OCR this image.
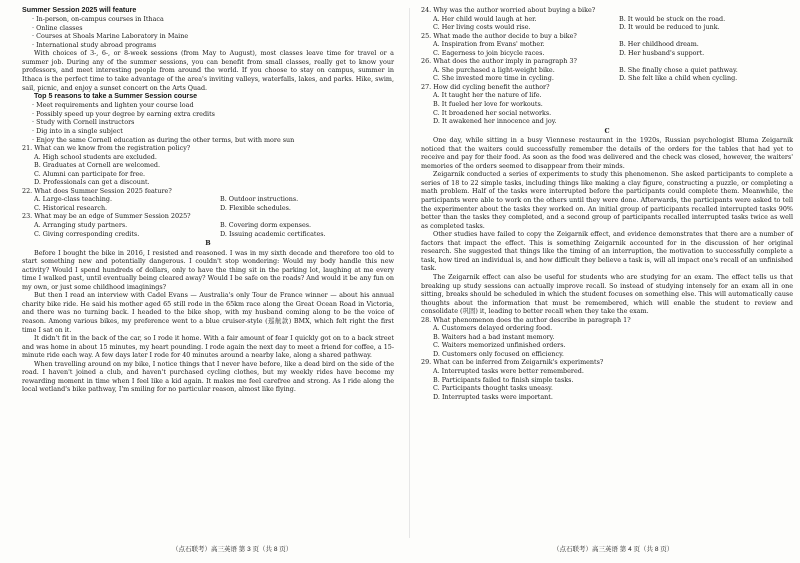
Summer Session 2025 will feature
· In-person, on-campus courses in Ithaca
· Online classes
· Courses at Shoals Marine Laboratory in Maine
· International study abroad programs

With choices of 3-, 6-, or 8-week sessions (from May to August), most classes leave time for travel or a summer job. During any of the summer sessions, you can benefit from small classes, really get to know your professors, and meet interesting people from around the world. If you choose to stay on campus, summer in Ithaca is the perfect time to take advantage of the area's inviting valleys, waterfalls, lakes, and parks. Hike, swim, sail, picnic, and enjoy a sunset concert on the Arts Quad.

Top 5 reasons to take a Summer Session course
· Meet requirements and lighten your course load
· Possibly speed up your degree by earning extra credits
· Study with Cornell instructors
· Dig into in a single subject
· Enjoy the same Cornell education as during the other terms, but with more sun
21. What can we know from the registration policy?
A. High school students are excluded.
B. Graduates at Cornell are welcomed.
C. Alumni can participate for free.
D. Professionals can get a discount.
22. What does Summer Session 2025 feature?
A. Large-class teaching.	B. Outdoor instructions.
C. Historical research.	D. Flexible schedules.
23. What may be an edge of Summer Session 2025?
A. Arranging study partners.	B. Covering dorm expenses.
C. Giving corresponding credits.	D. Issuing academic certificates.
B

Before I bought the bike in 2016, I resisted and reasoned. I was in my sixth decade and therefore too old to start something new and potentially dangerous. I couldn't stop wondering: Would my body handle this new activity? Would I spend hundreds of dollars, only to have the thing sit in the parking lot, laughing at me every time I walked past, until eventually being cleared away? Would I be safe on the roads? And would it be any fun on my own, or just some childhood imaginings?

But then I read an interview with Cadel Evans — Australia's only Tour de France winner — about his annual charity bike ride. He said his mother aged 65 still rode in the 65km race along the Great Ocean Road in Victoria, and there was no turning back. I headed to the bike shop, with my husband coming along to be the voice of reason. Among various bikes, my preference went to a blue cruiser-style (巡航款) BMX, which felt right the first time I sat on it.

It didn't fit in the back of the car, so I rode it home. With a fair amount of fear I quickly got on to a back street and was home in about 15 minutes, my heart pounding. I rode again the next day to meet a friend for coffee, a 15-minute ride each way. A few days later I rode for 40 minutes around a nearby lake, along a shared pathway.

When travelling around on my bike, I notice things that I never have before, like a dead bird on the side of the road. I haven't joined a club, and haven't purchased cycling clothes, but my weekly rides have become my rewarding moment in time when I feel like a kid again. It makes me feel carefree and strong. As I ride along the local wetland's bike pathway, I'm smiling for no particular reason, almost like flying.

24. Why was the author worried about buying a bike?
A. Her child would laugh at her.	B. It would be stuck on the road.
C. Her living costs would rise.	D. It would be reduced to junk.
25. What made the author decide to buy a bike?
A. Inspiration from Evans' mother.	B. Her childhood dream.
C. Eagerness to join bicycle races.	D. Her husband's support.
26. What does the author imply in paragraph 3?
A. She purchased a light-weight bike.	B. She finally chose a quiet pathway.
C. She invested more time in cycling.	D. She felt like a child when cycling.
27. How did cycling benefit the author?
A. It taught her the nature of life.
B. It fueled her love for workouts.
C. It broadened her social networks.
D. It awakened her innocence and joy.
C

One day, while sitting in a busy Viennese restaurant in the 1920s, Russian psychologist Bluma Zeigarnik noticed that the waiters could successfully remember the details of the orders for the tables that had yet to receive and pay for their food. As soon as the food was delivered and the check was closed, however, the waiters' memories of the orders seemed to disappear from their minds.

Zeigarnik conducted a series of experiments to study this phenomenon. She asked participants to complete a series of 18 to 22 simple tasks, including things like making a clay figure, constructing a puzzle, or completing a math problem. Half of the tasks were interrupted before the participants could complete them. Meanwhile, the participants were able to work on the others until they were done. Afterwards, the participants were asked to tell the experimenter about the tasks they worked on. An initial group of participants recalled interrupted tasks 90% better than the tasks they completed, and a second group of participants recalled interrupted tasks twice as well as completed tasks.

Other studies have failed to copy the Zeigarnik effect, and evidence demonstrates that there are a number of factors that impact the effect. This is something Zeigarnik accounted for in the discussion of her original research. She suggested that things like the timing of an interruption, the motivation to successfully complete a task, how tired an individual is, and how difficult they believe a task is, will all impact one's recall of an unfinished task.

The Zeigarnik effect can also be useful for students who are studying for an exam. The effect tells us that breaking up study sessions can actually improve recall. So instead of studying intensely for an exam all in one sitting, breaks should be scheduled in which the student focuses on something else. This will automatically cause thoughts about the information that must be remembered, which will enable the student to review and consolidate (巩固) it, leading to better recall when they take the exam.

28. What phenomenon does the author describe in paragraph 1?
A. Customers delayed ordering food.
B. Waiters had a bad instant memory.
C. Waiters memorized unfinished orders.
D. Customers only focused on efficiency.
29. What can be inferred from Zeigarnik's experiments?
A. Interrupted tasks were better remembered.
B. Participants failed to finish simple tasks.
C. Participants thought tasks uneasy.
D. Interrupted tasks were important.
（点石联考）高三英语 第 3 页（共 8 页）	（点石联考）高三英语 第 4 页（共 8 页）
